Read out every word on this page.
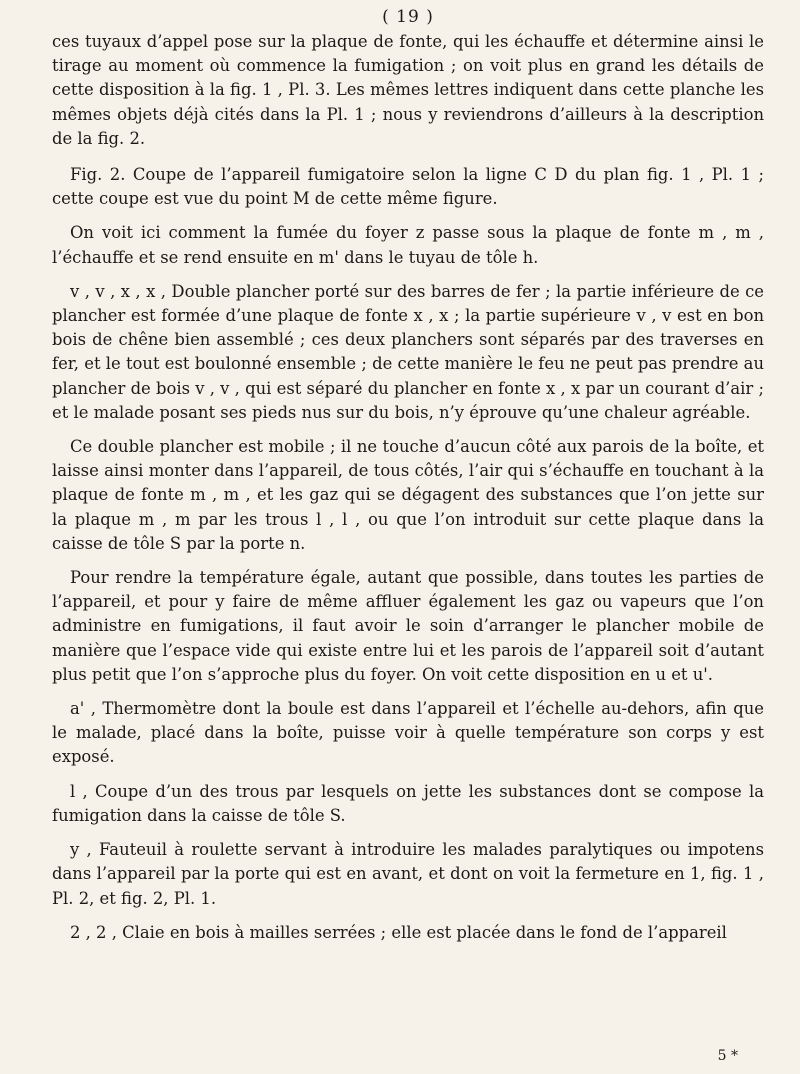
( 19 )

ces tuyaux d’appel pose sur la plaque de fonte, qui les échauffe et détermine ainsi le tirage au moment où commence la fumigation ; on voit plus en grand les détails de cette disposition à la fig. 1 , Pl. 3. Les mêmes lettres indiquent dans cette planche les mêmes objets déjà cités dans la Pl. 1 ; nous y reviendrons d’ailleurs à la description de la fig. 2.

Fig. 2. Coupe de l’appareil fumigatoire selon la ligne C D du plan fig. 1 , Pl. 1 ; cette coupe est vue du point M de cette même figure.

On voit ici comment la fumée du foyer z passe sous la plaque de fonte m , m , l’échauffe et se rend ensuite en m' dans le tuyau de tôle h.

v , v , x , x , Double plancher porté sur des barres de fer ; la partie inférieure de ce plancher est formée d’une plaque de fonte x , x ; la partie supérieure v , v est en bon bois de chêne bien assemblé ; ces deux planchers sont séparés par des traverses en fer, et le tout est boulonné ensemble ; de cette manière le feu ne peut pas prendre au plancher de bois v , v , qui est séparé du plancher en fonte x , x par un courant d’air ; et le malade posant ses pieds nus sur du bois, n’y éprouve qu’une chaleur agréable.

Ce double plancher est mobile ; il ne touche d’aucun côté aux parois de la boîte, et laisse ainsi monter dans l’appareil, de tous côtés, l’air qui s’échauffe en touchant à la plaque de fonte m , m , et les gaz qui se dégagent des substances que l’on jette sur la plaque m , m par les trous l , l , ou que l’on introduit sur cette plaque dans la caisse de tôle S par la porte n.

Pour rendre la température égale, autant que possible, dans toutes les parties de l’appareil, et pour y faire de même affluer également les gaz ou vapeurs que l’on administre en fumigations, il faut avoir le soin d’arranger le plancher mobile de manière que l’espace vide qui existe entre lui et les parois de l’appareil soit d’autant plus petit que l’on s’approche plus du foyer. On voit cette disposition en u et u'.

a' , Thermomètre dont la boule est dans l’appareil et l’échelle au-dehors, afin que le malade, placé dans la boîte, puisse voir à quelle température son corps y est exposé.

l , Coupe d’un des trous par lesquels on jette les substances dont se compose la fumigation dans la caisse de tôle S.

y , Fauteuil à roulette servant à introduire les malades paralytiques ou impotens dans l’appareil par la porte qui est en avant, et dont on voit la fermeture en 1, fig. 1 , Pl. 2, et fig. 2, Pl. 1.

2 , 2 , Claie en bois à mailles serrées ; elle est placée dans le fond de l’appareil

5 *
